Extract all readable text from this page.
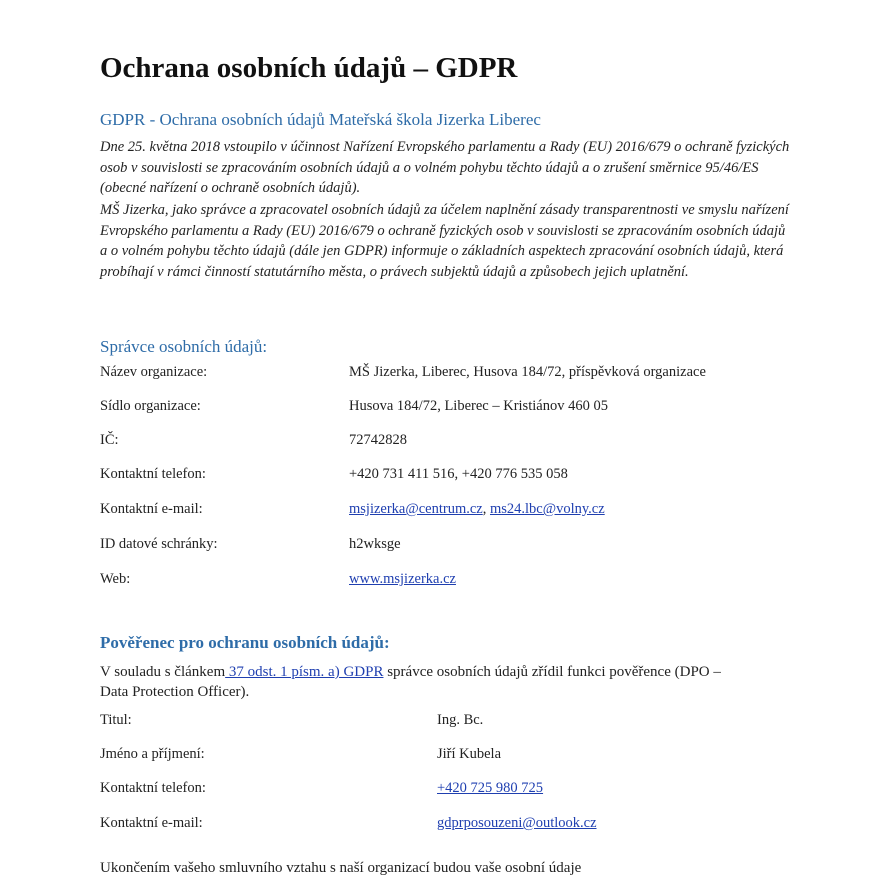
Ochrana osobních údajů – GDPR
GDPR - Ochrana osobních údajů Mateřská škola Jizerka Liberec
Dne 25. května 2018 vstoupilo v účinnost Nařízení Evropského parlamentu a Rady (EU) 2016/679 o ochraně fyzických osob v souvislosti se zpracováním osobních údajů a o volném pohybu těchto údajů a o zrušení směrnice 95/46/ES (obecné nařízení o ochraně osobních údajů).
MŠ Jizerka, jako správce a zpracovatel osobních údajů za účelem naplnění zásady transparentnosti ve smyslu nařízení Evropského parlamentu a Rady (EU) 2016/679 o ochraně fyzických osob v souvislosti se zpracováním osobních údajů a o volném pohybu těchto údajů (dále jen GDPR) informuje o základních aspektech zpracování osobních údajů, která probíhají v rámci činností statutárního města, o právech subjektů údajů a způsobech jejich uplatnění.
Správce osobních údajů:
Název organizace:	MŠ Jizerka, Liberec, Husova 184/72, příspěvková organizace
Sídlo organizace:	Husova 184/72, Liberec – Kristiánov 460 05
IČ:	72742828
Kontaktní telefon:	+420 731 411 516, +420 776 535 058
Kontaktní e-mail:	msjizerka@centrum.cz, ms24.lbc@volny.cz
ID datové schránky:	h2wksge
Web:	www.msjizerka.cz
Pověřenec pro ochranu osobních údajů:
V souladu s článkem 37 odst. 1 písm. a) GDPR správce osobních údajů zřídil funkci pověřence (DPO – Data Protection Officer).
Titul:	Ing. Bc.
Jméno a příjmení:	Jiří Kubela
Kontaktní telefon:	+420 725 980 725
Kontaktní e-mail:	gdprposouzeni@outlook.cz
Ukončením vašeho smluvního vztahu s naší organizací budou vaše osobní údaje
